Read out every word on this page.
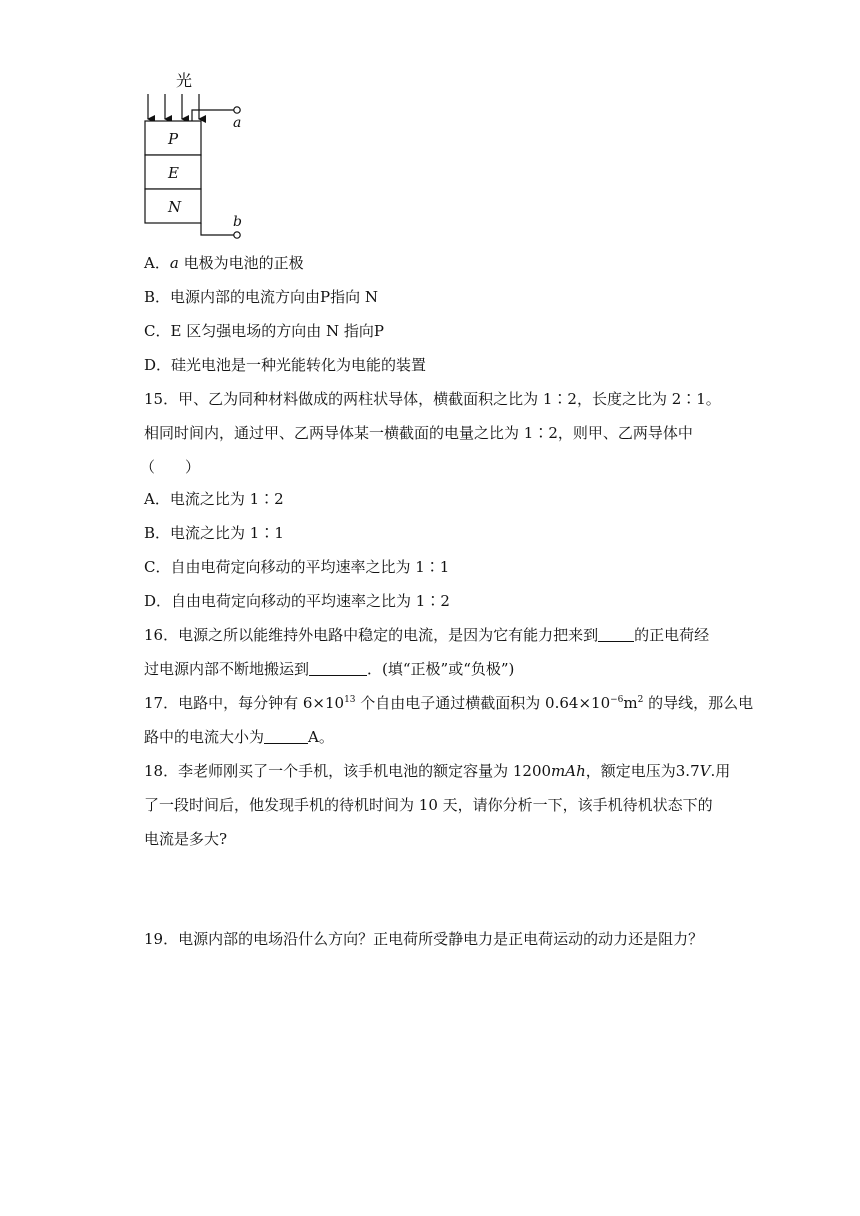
光
P
E
N
a
b
A．a 电极为电池的正极
B．电源内部的电流方向由P指向 N
C．E 区匀强电场的方向由 N 指向P
D．硅光电池是一种光能转化为电能的装置
15．甲、乙为同种材料做成的两柱状导体，横截面积之比为 1∶2，长度之比为 2∶1。
相同时间内，通过甲、乙两导体某一横截面的电量之比为 1∶2，则甲、乙两导体中
（　　）
A．电流之比为 1∶2
B．电流之比为 1∶1
C．自由电荷定向移动的平均速率之比为 1∶1
D．自由电荷定向移动的平均速率之比为 1∶2
16．电源之所以能维持外电路中稳定的电流，是因为它有能力把来到 的正电荷经
过电源内部不断地搬运到	．(填“正极”或“负极”)
17．电路中，每分钟有 $6\times 10^{13}$ 个自由电子通过横截面积为 $0.64\times 10^{-6}m^2$ 的导线，那么电
路中的电流大小为	A。
18．李老师刚买了一个手机，该手机电池的额定容量为 1200mAh，额定电压为3.7V.用
了一段时间后，他发现手机的待机时间为 10 天，请你分析一下，该手机待机状态下的
电流是多大?
19．电源内部的电场沿什么方向？正电荷所受静电力是正电荷运动的动力还是阻力？
